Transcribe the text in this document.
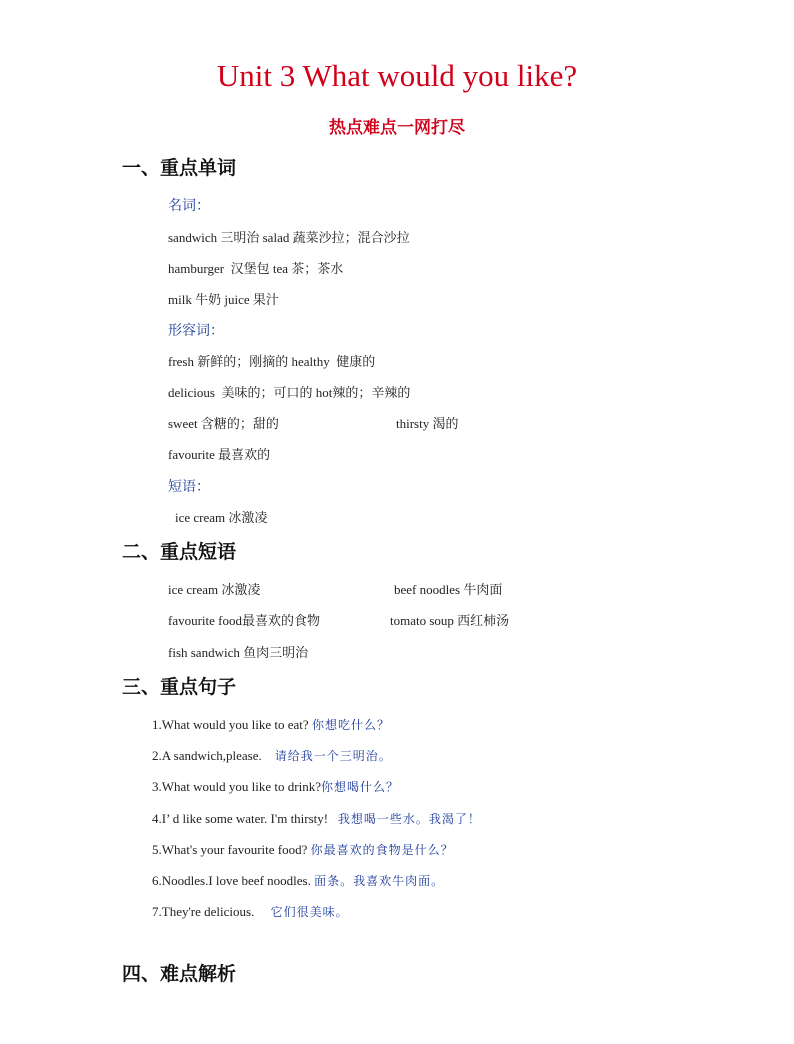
Unit 3 What would you like?
热点难点一网打尽
一、重点单词
名词：
sandwich 三明治 salad 蔬菜沙拉；混合沙拉
hamburger 汉堡包 tea 茶；茶水
milk 牛奶 juice 果汁
形容词：
fresh 新鲜的；刚摘的 healthy 健康的
delicious 美味的；可口的 hot辣的；辛辣的
sweet 含糖的；甜的	thirsty 渴的
favourite 最喜欢的
短语：
ice cream 冰激凌
二、重点短语
ice cream 冰激凌	beef noodles 牛肉面
favourite food最喜欢的食物	tomato soup 西红柿汤
fish sandwich 鱼肉三明治
三、重点句子
1.What would you like to eat? 你想吃什么？
2.A sandwich,please. 请给我一个三明治。
3.What would you like to drink?你想喝什么？
4.I’ d like some water. I'm thirsty! 我想喝一些水。我渴了！
5.What's your favourite food? 你最喜欢的食物是什么？
6.Noodles.I love beef noodles. 面条。我喜欢牛肉面。
7.They're delicious. 它们很美味。
四、难点解析
